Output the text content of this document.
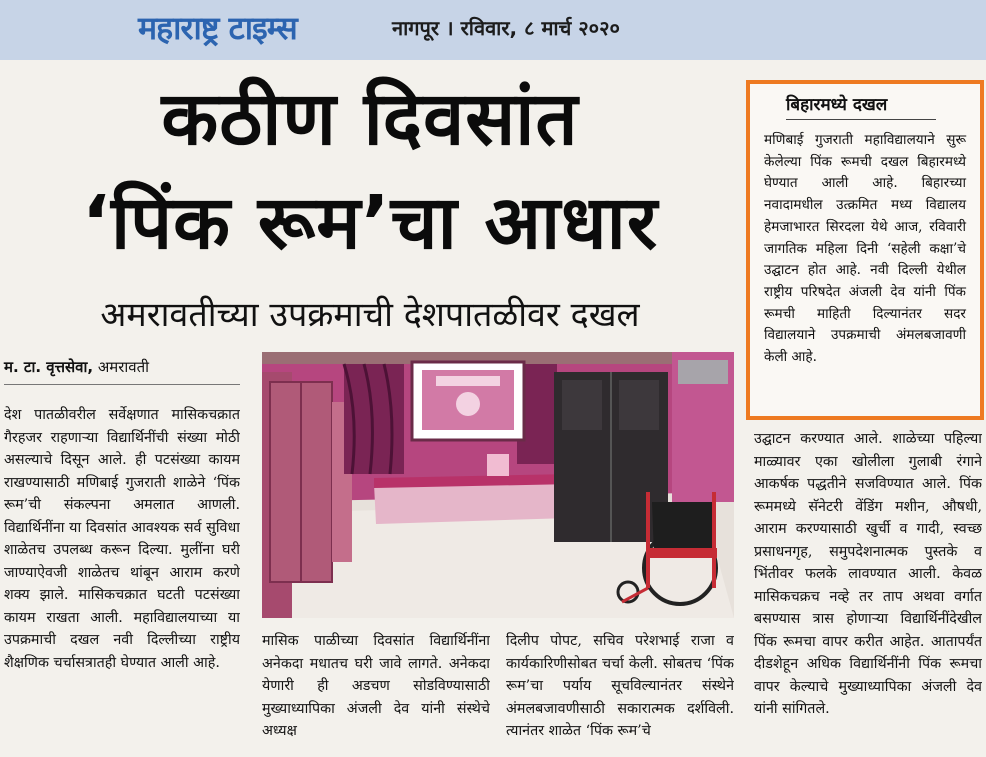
महाराष्ट्र टाइम्स	नागपूर । रविवार, ८ मार्च २०२०
कठीण दिवसांत
‘पिंक रूम’चा आधार
अमरावतीच्या उपक्रमाची देशपातळीवर दखल
म. टा. वृत्तसेवा, अमरावती
देश पातळीवरील सर्वेक्षणात मासिकचक्रात गैरहजर राहणाऱ्या विद्यार्थिनींची संख्या मोठी असल्याचे दिसून आले. ही पटसंख्या कायम राखण्यासाठी मणिबाई गुजराती शाळेने ‘पिंक रूम’ची संकल्पना अमलात आणली. विद्यार्थिनींना या दिवसांत आवश्यक सर्व सुविधा शाळेतच उपलब्ध करून दिल्या. मुलींना घरी जाण्याऐवजी शाळेतच थांबून आराम करणे शक्य झाले. मासिकचक्रात घटती पटसंख्या कायम राखता आली. महाविद्यालयाच्या या उपक्रमाची दखल नवी दिल्लीच्या राष्ट्रीय शैक्षणिक चर्चासत्रातही घेण्यात आली आहे.
मासिक पाळीच्या दिवसांत विद्यार्थिनींना अनेकदा मधातच घरी जावे लागते. अनेकदा येणारी ही अडचण सोडविण्यासाठी मुख्याध्यापिका अंजली देव यांनी संस्थेचे अध्यक्ष
दिलीप पोपट, सचिव परेशभाई राजा व कार्यकारिणीसोबत चर्चा केली. सोबतच ‘पिंक रूम’चा पर्याय सूचविल्यानंतर संस्थेने अंमलबजावणीसाठी सकारात्मक दर्शविली. त्यानंतर शाळेत ‘पिंक रूम’चे
बिहारमध्ये दखल
मणिबाई गुजराती महाविद्यालयाने सुरू केलेल्या पिंक रूमची दखल बिहारमध्ये घेण्यात आली आहे. बिहारच्या नवादामधील उत्क्रमित मध्य विद्यालय हेमजाभारत सिरदला येथे आज, रविवारी जागतिक महिला दिनी ‘सहेली कक्षा’चे उद्घाटन होत आहे. नवी दिल्ली येथील राष्ट्रीय परिषदेत अंजली देव यांनी पिंक रूमची माहिती दिल्यानंतर सदर विद्यालयाने उपक्रमाची अंमलबजावणी केली आहे.
उद्घाटन करण्यात आले. शाळेच्या पहिल्या माळ्यावर एका खोलीला गुलाबी रंगाने आकर्षक पद्धतीने सजविण्यात आले. पिंक रूममध्ये सॅनेटरी वेंडिंग मशीन, औषधी, आराम करण्यासाठी खुर्ची व गादी, स्वच्छ प्रसाधनगृह, समुपदेशनात्मक पुस्तके व भिंतीवर फलके लावण्यात आली. केवळ मासिकचक्रच नव्हे तर ताप अथवा वर्गात बसण्यास त्रास होणाऱ्या विद्यार्थिनींदेखील पिंक रूमचा वापर करीत आहेत. आतापर्यंत दीडशेहून अधिक विद्यार्थिनींनी पिंक रूमचा वापर केल्याचे मुख्याध्यापिका अंजली देव यांनी सांगितले.
